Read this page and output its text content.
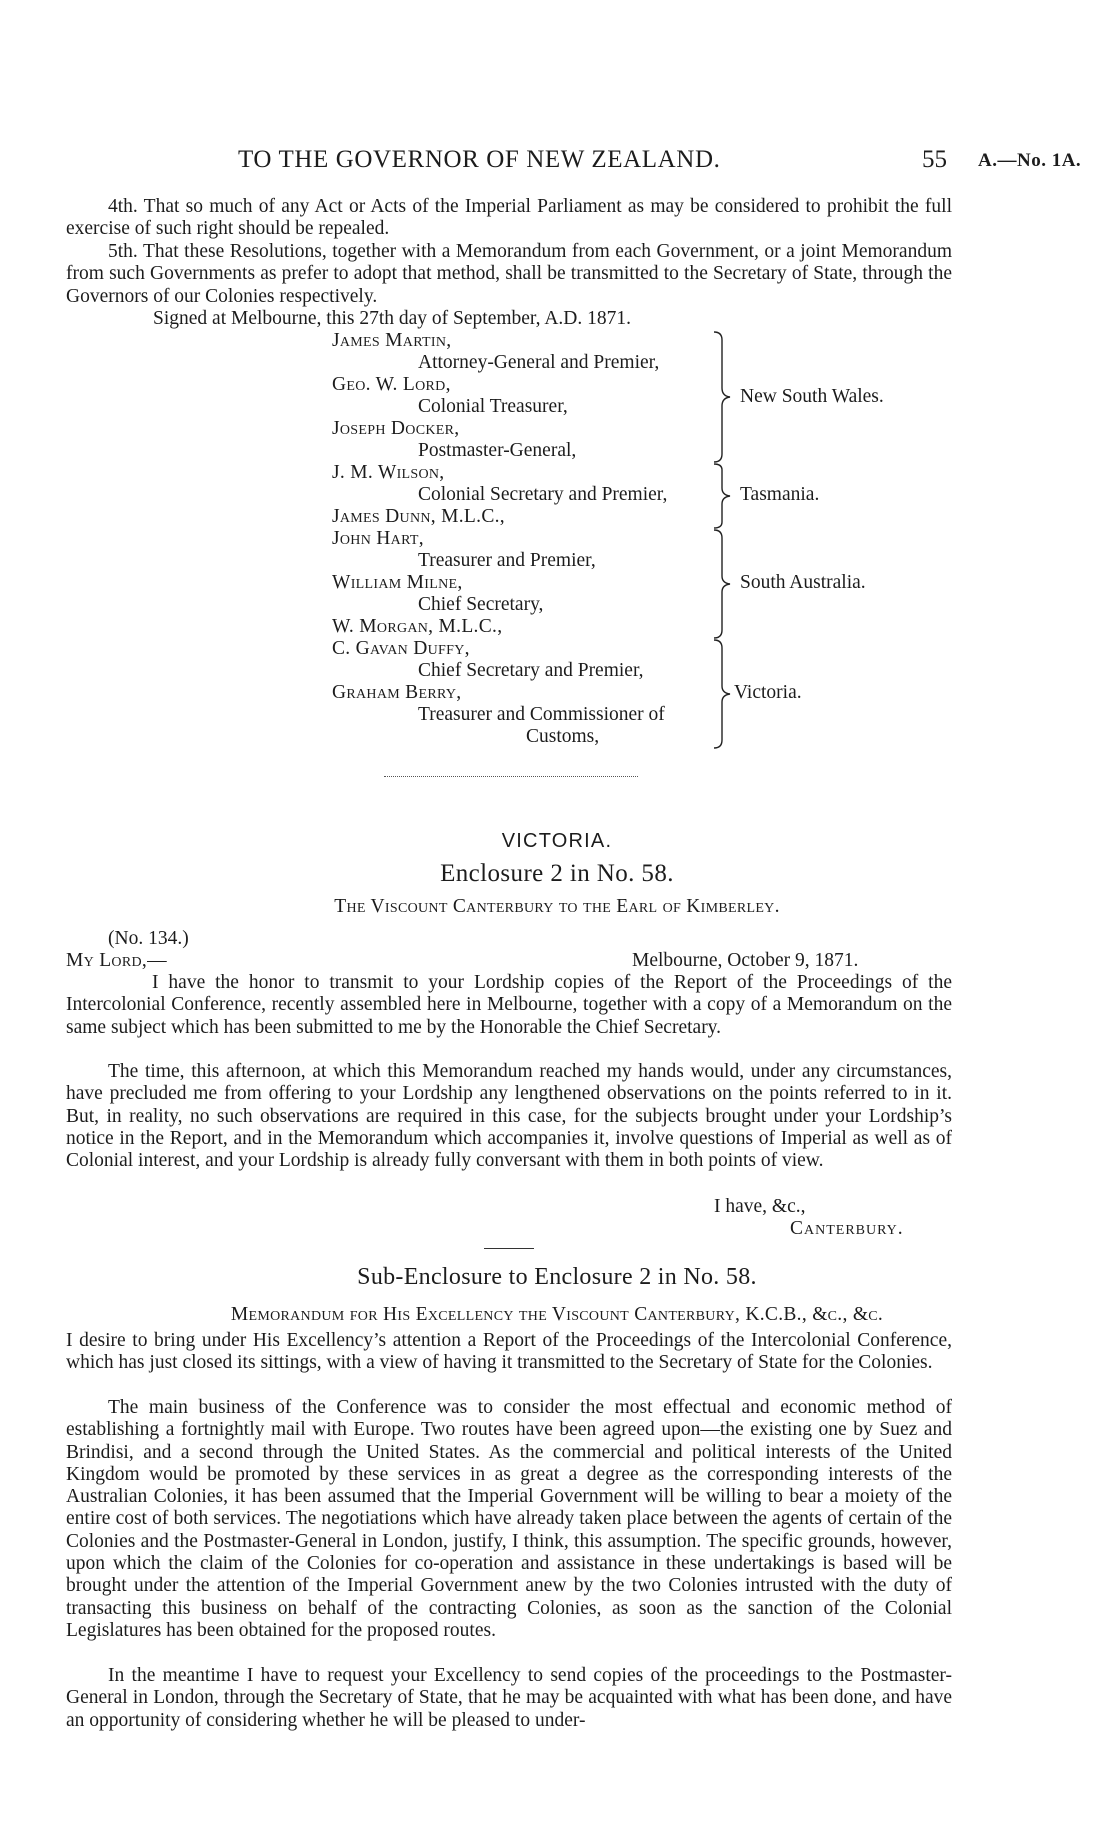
TO THE GOVERNOR OF NEW ZEALAND.	55 A.—No. 1A.
4th. That so much of any Act or Acts of the Imperial Parliament as may be considered to prohibit the full exercise of such right should be repealed.
5th. That these Resolutions, together with a Memorandum from each Government, or a joint Memorandum from such Governments as prefer to adopt that method, shall be transmitted to the Secretary of State, through the Governors of our Colonies respectively.
Signed at Melbourne, this 27th day of September, A.D. 1871.
James Martin,
Attorney-General and Premier,
Geo. W. Lord,
Colonial Treasurer,
Joseph Docker,
Postmaster-General,
New South Wales.
J. M. Wilson,
Colonial Secretary and Premier,
James Dunn, M.L.C.,
Tasmania.
John Hart,
Treasurer and Premier,
William Milne,
Chief Secretary,
W. Morgan, M.L.C.,
South Australia.
C. Gavan Duffy,
Chief Secretary and Premier,
Graham Berry,
Treasurer and Commissioner of
Customs,
Victoria.
VICTORIA.
Enclosure 2 in No. 58.
The Viscount Canterbury to the Earl of Kimberley.
(No. 134.)
My Lord,—	Melbourne, October 9, 1871.
I have the honor to transmit to your Lordship copies of the Report of the Proceedings of the Intercolonial Conference, recently assembled here in Melbourne, together with a copy of a Memorandum on the same subject which has been submitted to me by the Honorable the Chief Secretary.
The time, this afternoon, at which this Memorandum reached my hands would, under any circumstances, have precluded me from offering to your Lordship any lengthened observations on the points referred to in it. But, in reality, no such observations are required in this case, for the subjects brought under your Lordship’s notice in the Report, and in the Memorandum which accompanies it, involve questions of Imperial as well as of Colonial interest, and your Lordship is already fully conversant with them in both points of view.
I have, &c.,
Canterbury.
Sub-Enclosure to Enclosure 2 in No. 58.
Memorandum for His Excellency the Viscount Canterbury, K.C.B., &c., &c.
I desire to bring under His Excellency’s attention a Report of the Proceedings of the Intercolonial Conference, which has just closed its sittings, with a view of having it transmitted to the Secretary of State for the Colonies.
The main business of the Conference was to consider the most effectual and economic method of establishing a fortnightly mail with Europe. Two routes have been agreed upon—the existing one by Suez and Brindisi, and a second through the United States. As the commercial and political interests of the United Kingdom would be promoted by these services in as great a degree as the corresponding interests of the Australian Colonies, it has been assumed that the Imperial Government will be willing to bear a moiety of the entire cost of both services. The negotiations which have already taken place between the agents of certain of the Colonies and the Postmaster-General in London, justify, I think, this assumption. The specific grounds, however, upon which the claim of the Colonies for co-operation and assistance in these undertakings is based will be brought under the attention of the Imperial Government anew by the two Colonies intrusted with the duty of transacting this business on behalf of the contracting Colonies, as soon as the sanction of the Colonial Legislatures has been obtained for the proposed routes.
In the meantime I have to request your Excellency to send copies of the proceedings to the Postmaster-General in London, through the Secretary of State, that he may be acquainted with what has been done, and have an opportunity of considering whether he will be pleased to under-
